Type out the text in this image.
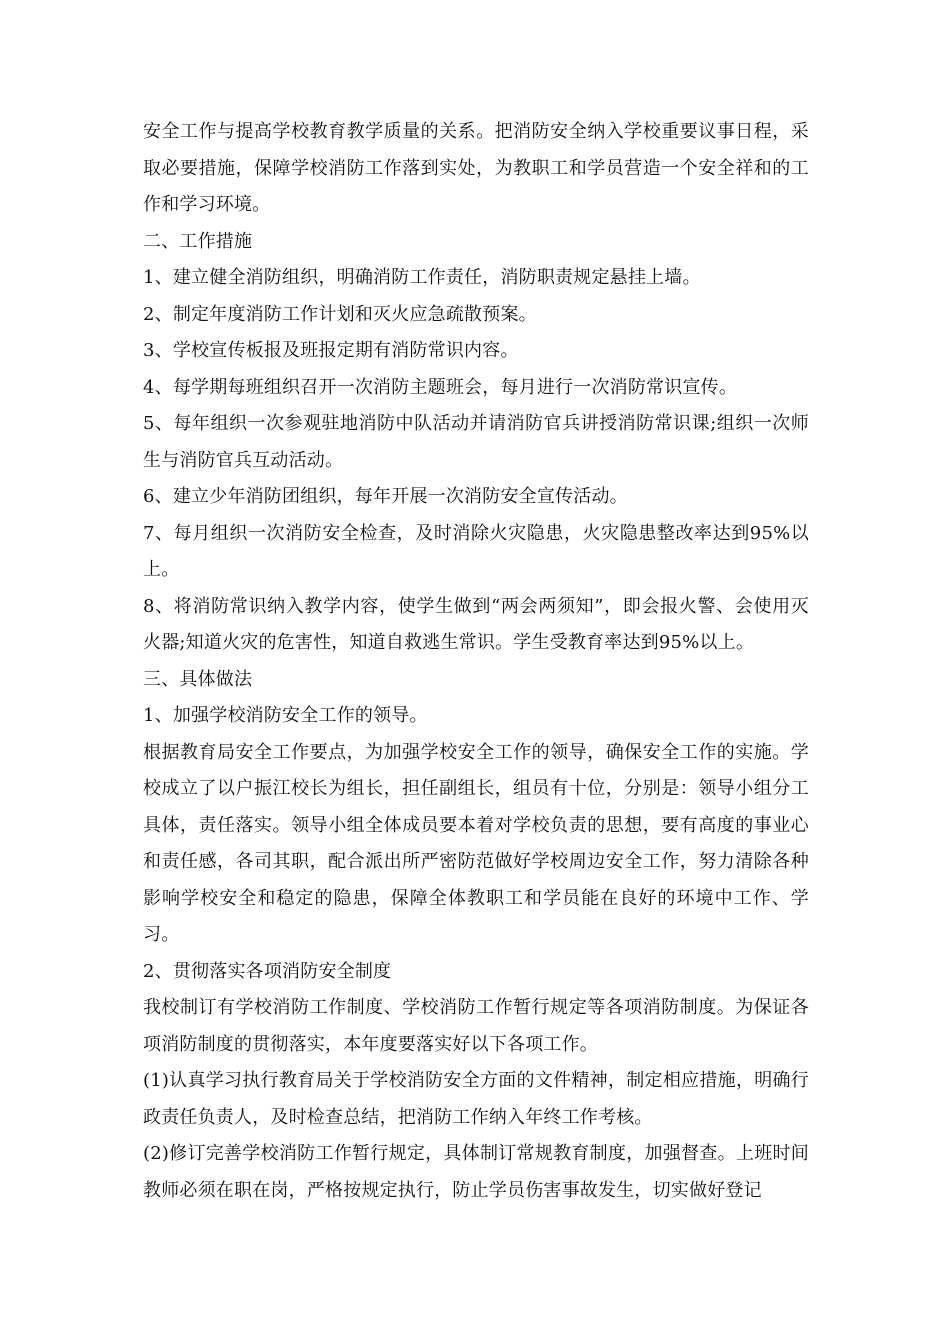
安全工作与提高学校教育教学质量的关系。把消防安全纳入学校重要议事日程，采取必要措施，保障学校消防工作落到实处，为教职工和学员营造一个安全祥和的工作和学习环境。

二、工作措施

1、建立健全消防组织，明确消防工作责任，消防职责规定悬挂上墙。

2、制定年度消防工作计划和灭火应急疏散预案。

3、学校宣传板报及班报定期有消防常识内容。

4、每学期每班组织召开一次消防主题班会，每月进行一次消防常识宣传。

5、每年组织一次参观驻地消防中队活动并请消防官兵讲授消防常识课;组织一次师生与消防官兵互动活动。

6、建立少年消防团组织，每年开展一次消防安全宣传活动。

7、每月组织一次消防安全检查，及时消除火灾隐患，火灾隐患整改率达到95%以上。

8、将消防常识纳入教学内容，使学生做到“两会两须知”，即会报火警、会使用灭火器;知道火灾的危害性，知道自救逃生常识。学生受教育率达到95%以上。

三、具体做法

1、加强学校消防安全工作的领导。

根据教育局安全工作要点，为加强学校安全工作的领导，确保安全工作的实施。学校成立了以户振江校长为组长，担任副组长，组员有十位，分别是：领导小组分工具体，责任落实。领导小组全体成员要本着对学校负责的思想，要有高度的事业心和责任感，各司其职，配合派出所严密防范做好学校周边安全工作，努力清除各种影响学校安全和稳定的隐患，保障全体教职工和学员能在良好的环境中工作、学习。

2、贯彻落实各项消防安全制度

我校制订有学校消防工作制度、学校消防工作暂行规定等各项消防制度。为保证各项消防制度的贯彻落实，本年度要落实好以下各项工作。

(1)认真学习执行教育局关于学校消防安全方面的文件精神，制定相应措施，明确行政责任负责人，及时检查总结，把消防工作纳入年终工作考核。

(2)修订完善学校消防工作暂行规定，具体制订常规教育制度，加强督查。上班时间教师必须在职在岗，严格按规定执行，防止学员伤害事故发生，切实做好登记
